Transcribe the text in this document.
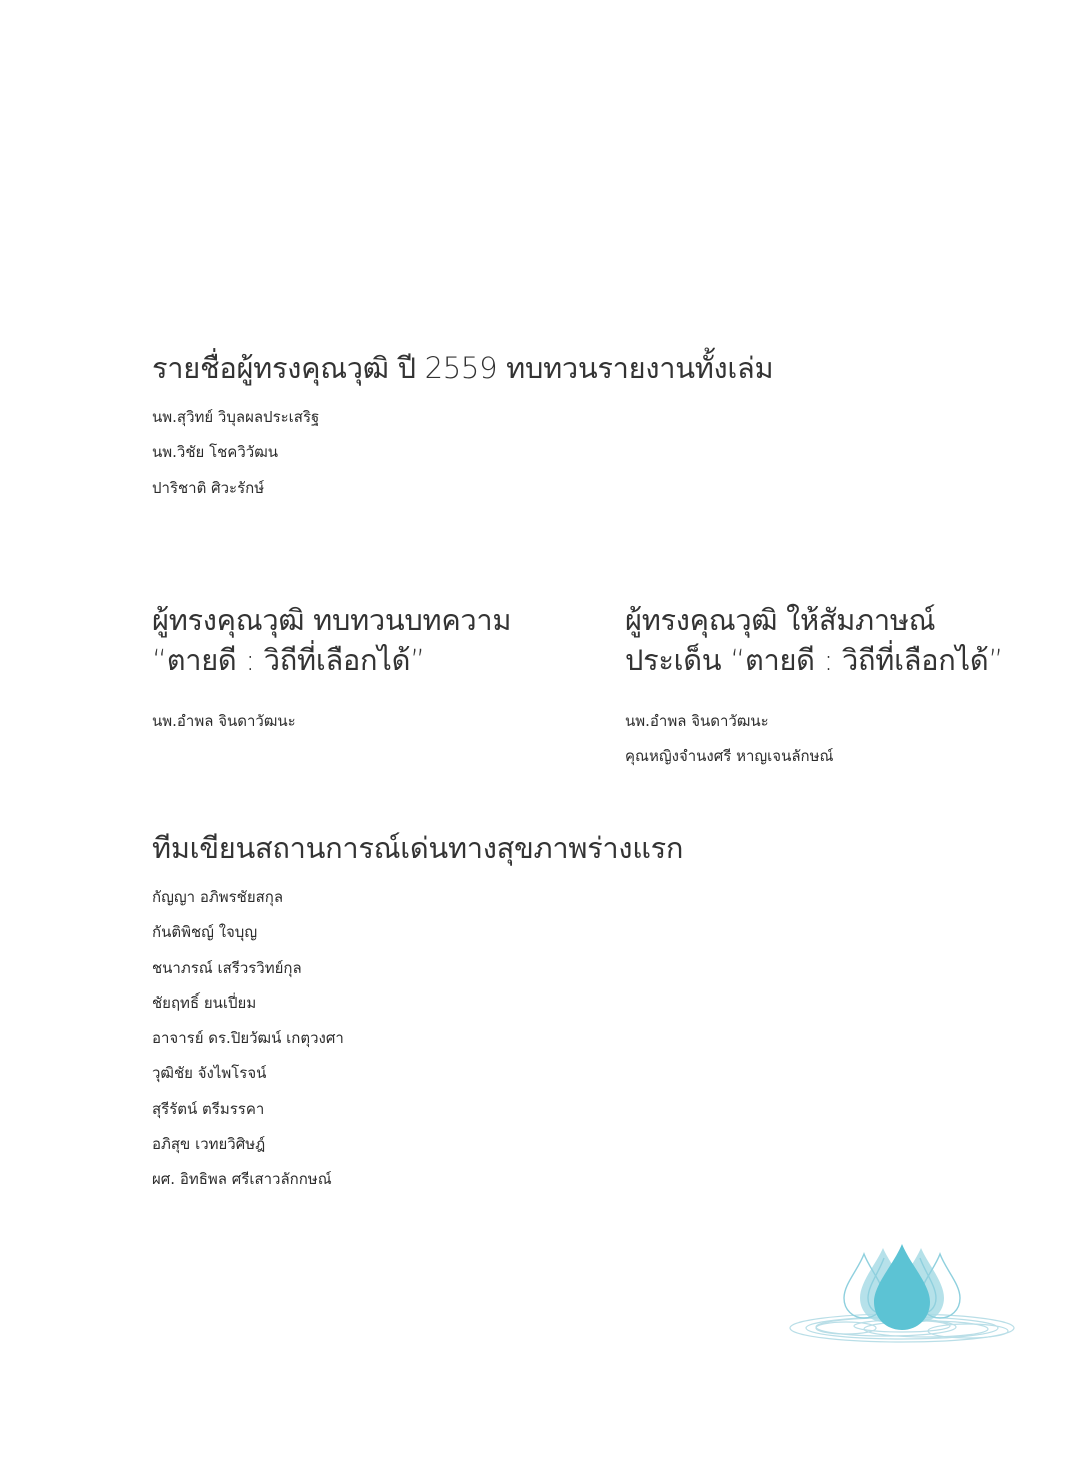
รายชื่อผู้ทรงคุณวุฒิ ปี 2559 ทบทวนรายงานทั้งเล่ม
นพ.สุวิทย์ วิบุลผลประเสริฐ
นพ.วิชัย โชควิวัฒน
ปาริชาติ ศิวะรักษ์
ผู้ทรงคุณวุฒิ ทบทวนบทความ
“ตายดี : วิถีที่เลือกได้”
นพ.อำพล จินดาวัฒนะ
ผู้ทรงคุณวุฒิ ให้สัมภาษณ์
ประเด็น “ตายดี : วิถีที่เลือกได้”
นพ.อำพล จินดาวัฒนะ
คุณหญิงจำนงศรี หาญเจนลักษณ์
ทีมเขียนสถานการณ์เด่นทางสุขภาพร่างแรก
กัญญา อภิพรชัยสกุล
กันติพิชญ์ ใจบุญ
ชนาภรณ์ เสรีวรวิทย์กุล
ชัยฤทธิ์ ยนเปี่ยม
อาจารย์ ดร.ปิยวัฒน์ เกตุวงศา
วุฒิชัย จังไพโรจน์
สุรีรัตน์ ตรีมรรคา
อภิสุข เวทยวิศิษฎ์
ผศ. อิทธิพล ศรีเสาวลักกษณ์
